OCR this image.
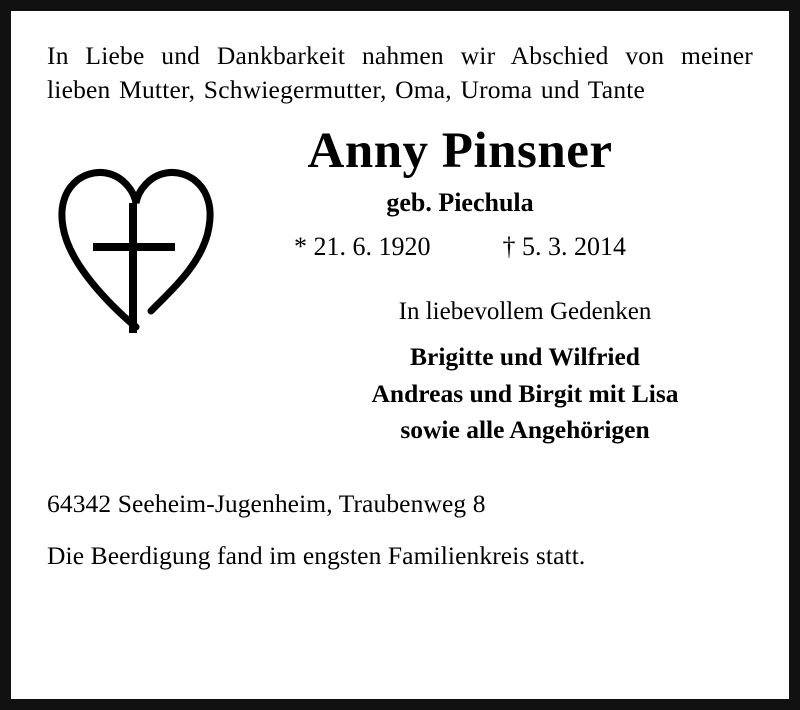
In Liebe und Dankbarkeit nahmen wir Abschied von meiner lieben Mutter, Schwiegermutter, Oma, Uroma und Tante

Anny Pinsner
geb. Piechula
* 21. 6. 1920	† 5. 3. 2014
In liebevollem Gedenken
Brigitte und Wilfried
Andreas und Birgit mit Lisa
sowie alle Angehörigen
64342 Seeheim-Jugenheim, Traubenweg 8
Die Beerdigung fand im engsten Familienkreis statt.
